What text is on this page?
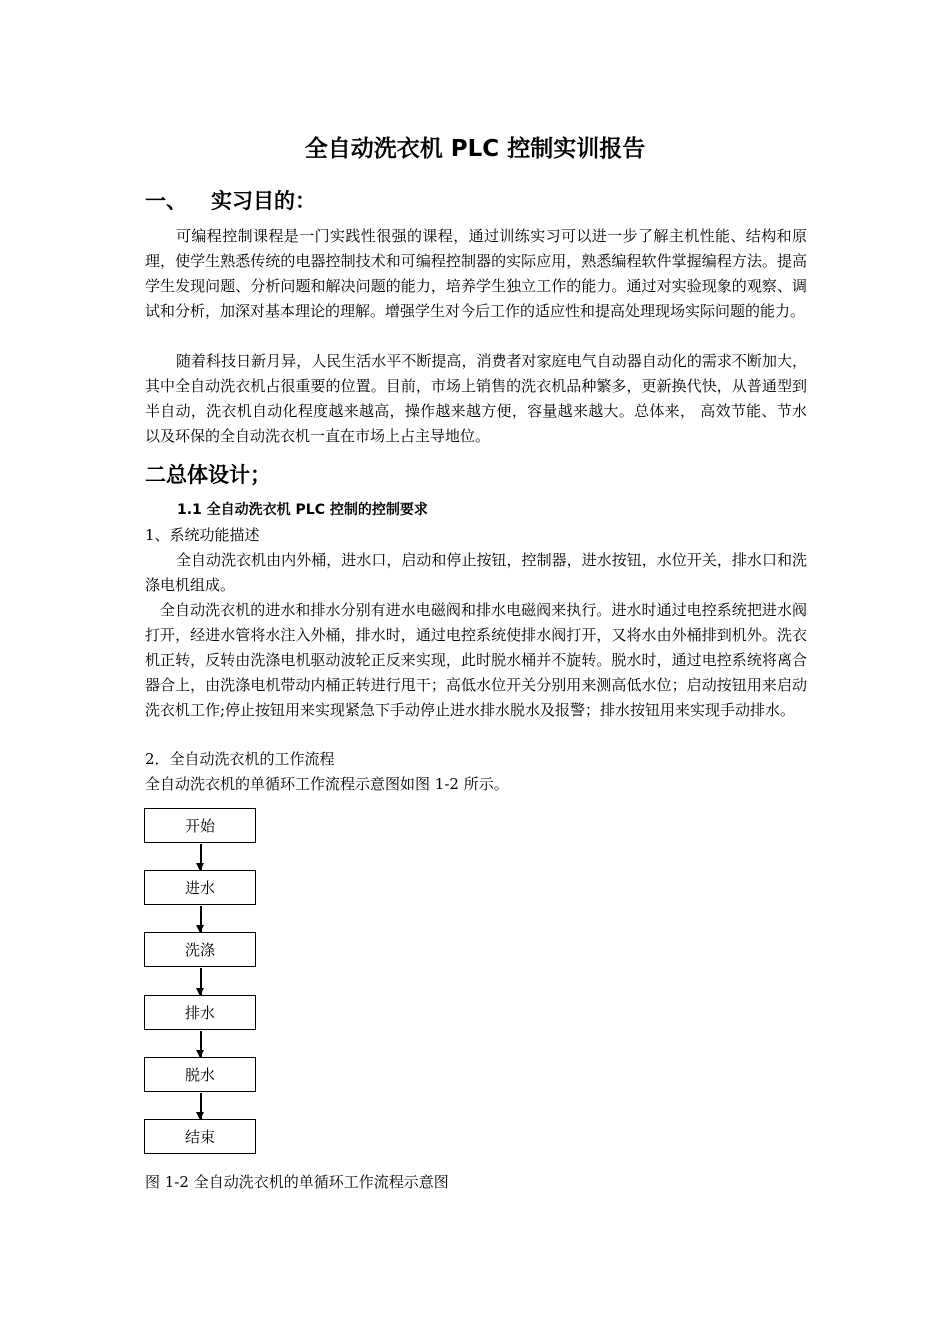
全自动洗衣机 PLC 控制实训报告
一、 实习目的：

可编程控制课程是一门实践性很强的课程，通过训练实习可以进一步了解主机性能、结构和原理，使学生熟悉传统的电器控制技术和可编程控制器的实际应用，熟悉编程软件掌握编程方法。提高学生发现问题、分析问题和解决问题的能力，培养学生独立工作的能力。通过对实验现象的观察、调试和分析，加深对基本理论的理解。增强学生对今后工作的适应性和提高处理现场实际问题的能力。

随着科技日新月异，人民生活水平不断提高，消费者对家庭电气自动器自动化的需求不断加大，其中全自动洗衣机占很重要的位置。目前，市场上销售的洗衣机品种繁多，更新换代快，从普通型到半自动，洗衣机自动化程度越来越高，操作越来越方便，容量越来越大。总体来， 高效节能、节水以及环保的全自动洗衣机一直在市场上占主导地位。

二总体设计；
1.1 全自动洗衣机 PLC 控制的控制要求

1、系统功能描述

全自动洗衣机由内外桶，进水口，启动和停止按钮，控制器，进水按钮，水位开关，排水口和洗涤电机组成。

全自动洗衣机的进水和排水分别有进水电磁阀和排水电磁阀来执行。进水时通过电控系统把进水阀打开，经进水管将水注入外桶，排水时，通过电控系统使排水阀打开，又将水由外桶排到机外。洗衣机正转，反转由洗涤电机驱动波轮正反来实现，此时脱水桶并不旋转。脱水时，通过电控系统将离合器合上，由洗涤电机带动内桶正转进行甩干；高低水位开关分别用来测高低水位；启动按钮用来启动洗衣机工作;停止按钮用来实现紧急下手动停止进水排水脱水及报警；排水按钮用来实现手动排水。

2．全自动洗衣机的工作流程

全自动洗衣机的单循环工作流程示意图如图 1-2 所示。

开始
进水
洗涤
排水
脱水
结束

图 1-2 全自动洗衣机的单循环工作流程示意图
